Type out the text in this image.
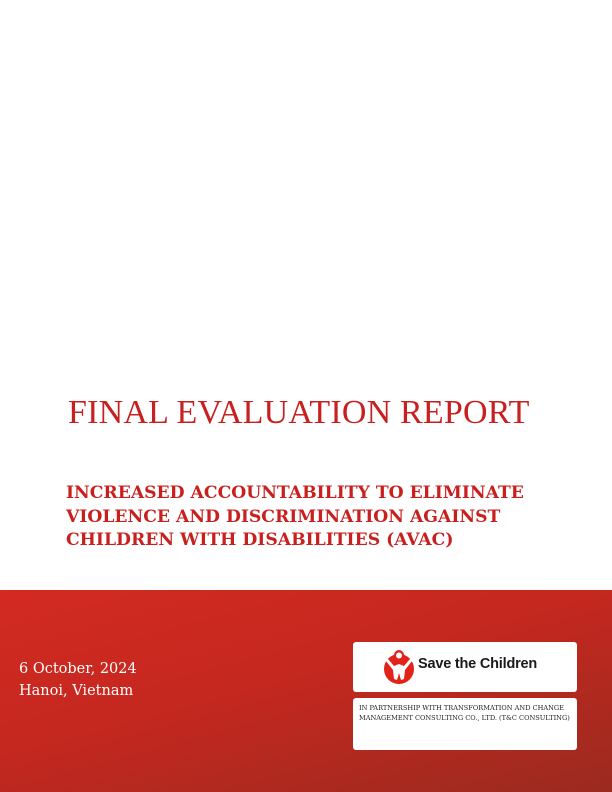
FINAL EVALUATION REPORT
INCREASED ACCOUNTABILITY TO ELIMINATE
VIOLENCE AND DISCRIMINATION AGAINST
CHILDREN WITH DISABILITIES (AVAC)
6 October, 2024
Hanoi, Vietnam
Save the Children

IN PARTNERSHIP WITH TRANSFORMATION AND CHANGE MANAGEMENT CONSULTING CO., LTD. (T&C CONSULTING)
